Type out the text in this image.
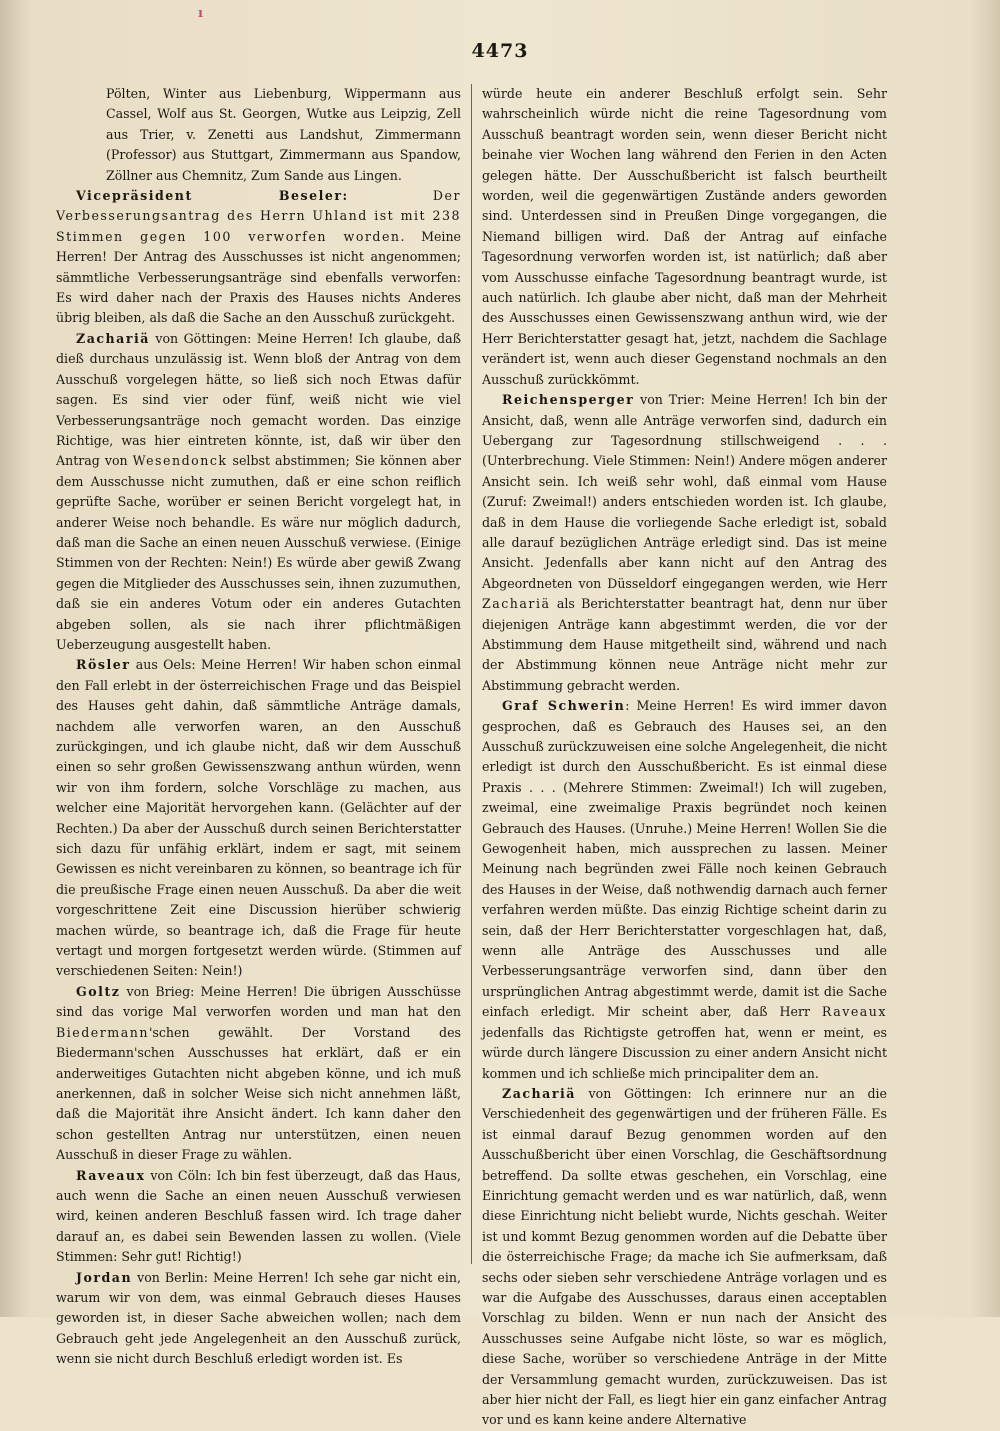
ı
4473

Pölten, Winter aus Liebenburg, Wippermann aus Cassel, Wolf aus St. Georgen, Wutke aus Leipzig, Zell aus Trier, v. Zenetti aus Landshut, Zimmermann (Professor) aus Stuttgart, Zimmermann aus Spandow, Zöllner aus Chemnitz, Zum Sande aus Lingen.

Vicepräsident Beseler:	Der Verbesserungsantrag des Herrn Uhland ist mit 238 Stimmen gegen 100 verworfen worden. Meine Herren! Der Antrag des Ausschusses ist nicht angenommen; sämmtliche Verbesserungsanträge sind ebenfalls verworfen: Es wird daher nach der Praxis des Hauses nichts Anderes übrig bleiben, als daß die Sache an den Ausschuß zurückgeht.

Zachariä von Göttingen: Meine Herren! Ich glaube, daß dieß durchaus unzulässig ist. Wenn bloß der Antrag von dem Ausschuß vorgelegen hätte, so ließ sich noch Etwas dafür sagen. Es sind vier oder fünf, weiß nicht wie viel Verbesserungsanträge noch gemacht worden. Das einzige Richtige, was hier eintreten könnte, ist, daß wir über den Antrag von Wesendonck selbst abstimmen; Sie können aber dem Ausschusse nicht zumuthen, daß er eine schon reiflich geprüfte Sache, worüber er seinen Bericht vorgelegt hat, in anderer Weise noch behandle. Es wäre nur möglich dadurch, daß man die Sache an einen neuen Ausschuß verwiese. (Einige Stimmen von der Rechten: Nein!) Es würde aber gewiß Zwang gegen die Mitglieder des Ausschusses sein, ihnen zuzumuthen, daß sie ein anderes Votum oder ein anderes Gutachten abgeben sollen, als sie nach ihrer pflichtmäßigen Ueberzeugung ausgestellt haben.

Rösler aus Oels: Meine Herren! Wir haben schon einmal den Fall erlebt in der österreichischen Frage und das Beispiel des Hauses geht dahin, daß sämmtliche Anträge damals, nachdem alle verworfen waren, an den Ausschuß zurückgingen, und ich glaube nicht, daß wir dem Ausschuß einen so sehr großen Gewissenszwang anthun würden, wenn wir von ihm fordern, solche Vorschläge zu machen, aus welcher eine Majorität hervorgehen kann. (Gelächter auf der Rechten.) Da aber der Ausschuß durch seinen Berichterstatter sich dazu für unfähig erklärt, indem er sagt, mit seinem Gewissen es nicht vereinbaren zu können, so beantrage ich für die preußische Frage einen neuen Ausschuß. Da aber die weit vorgeschrittene Zeit eine Discussion hierüber schwierig machen würde, so beantrage ich, daß die Frage für heute vertagt und morgen fortgesetzt werden würde. (Stimmen auf verschiedenen Seiten: Nein!)

Goltz von Brieg: Meine Herren! Die übrigen Ausschüsse sind das vorige Mal verworfen worden und man hat den Biedermann'schen gewählt. Der Vorstand des Biedermann'schen Ausschusses hat erklärt, daß er ein anderweitiges Gutachten nicht abgeben könne, und ich muß anerkennen, daß in solcher Weise sich nicht annehmen läßt, daß die Majorität ihre Ansicht ändert. Ich kann daher den schon gestellten Antrag nur unterstützen, einen neuen Ausschuß in dieser Frage zu wählen.

Raveaux von Cöln: Ich bin fest überzeugt, daß das Haus, auch wenn die Sache an einen neuen Ausschuß verwiesen wird, keinen anderen Beschluß fassen wird. Ich trage daher darauf an, es dabei sein Bewenden lassen zu wollen. (Viele Stimmen: Sehr gut! Richtig!)

Jordan von Berlin: Meine Herren! Ich sehe gar nicht ein, warum wir von dem, was einmal Gebrauch dieses Hauses geworden ist, in dieser Sache abweichen wollen; nach dem Gebrauch geht jede Angelegenheit an den Ausschuß zurück, wenn sie nicht durch Beschluß erledigt worden ist. Es

würde heute ein anderer Beschluß erfolgt sein. Sehr wahrscheinlich würde nicht die reine Tagesordnung vom Ausschuß beantragt worden sein, wenn dieser Bericht nicht beinahe vier Wochen lang während den Ferien in den Acten gelegen hätte. Der Ausschußbericht ist falsch beurtheilt worden, weil die gegenwärtigen Zustände anders geworden sind. Unterdessen sind in Preußen Dinge vorgegangen, die Niemand billigen wird. Daß der Antrag auf einfache Tagesordnung verworfen worden ist, ist natürlich; daß aber vom Ausschusse einfache Tagesordnung beantragt wurde, ist auch natürlich. Ich glaube aber nicht, daß man der Mehrheit des Ausschusses einen Gewissenszwang anthun wird, wie der Herr Berichterstatter gesagt hat, jetzt, nachdem die Sachlage verändert ist, wenn auch dieser Gegenstand nochmals an den Ausschuß zurückkömmt.

Reichensperger von Trier: Meine Herren! Ich bin der Ansicht, daß, wenn alle Anträge verworfen sind, dadurch ein Uebergang zur Tagesordnung stillschweigend . . . (Unterbrechung. Viele Stimmen: Nein!) Andere mögen anderer Ansicht sein. Ich weiß sehr wohl, daß einmal vom Hause (Zuruf: Zweimal!) anders entschieden worden ist. Ich glaube, daß in dem Hause die vorliegende Sache erledigt ist, sobald alle darauf bezüglichen Anträge erledigt sind. Das ist meine Ansicht. Jedenfalls aber kann nicht auf den Antrag des Abgeordneten von Düsseldorf eingegangen werden, wie Herr Zachariä als Berichterstatter beantragt hat, denn nur über diejenigen Anträge kann abgestimmt werden, die vor der Abstimmung dem Hause mitgetheilt sind, während und nach der Abstimmung können neue Anträge nicht mehr zur Abstimmung gebracht werden.

Graf Schwerin: Meine Herren! Es wird immer davon gesprochen, daß es Gebrauch des Hauses sei, an den Ausschuß zurückzuweisen eine solche Angelegenheit, die nicht erledigt ist durch den Ausschußbericht. Es ist einmal diese Praxis . . . (Mehrere Stimmen: Zweimal!) Ich will zugeben, zweimal, eine zweimalige Praxis begründet noch keinen Gebrauch des Hauses. (Unruhe.) Meine Herren! Wollen Sie die Gewogenheit haben, mich aussprechen zu lassen. Meiner Meinung nach begründen zwei Fälle noch keinen Gebrauch des Hauses in der Weise, daß nothwendig darnach auch ferner verfahren werden müßte. Das einzig Richtige scheint darin zu sein, daß der Herr Berichterstatter vorgeschlagen hat, daß, wenn alle Anträge des Ausschusses und alle Verbesserungsanträge verworfen sind, dann über den ursprünglichen Antrag abgestimmt werde, damit ist die Sache einfach erledigt. Mir scheint aber, daß Herr Raveaux jedenfalls das Richtigste getroffen hat, wenn er meint, es würde durch längere Discussion zu einer andern Ansicht nicht kommen und ich schließe mich principaliter dem an.

Zachariä von Göttingen: Ich erinnere nur an die Verschiedenheit des gegenwärtigen und der früheren Fälle. Es ist einmal darauf Bezug genommen worden auf den Ausschußbericht über einen Vorschlag, die Geschäftsordnung betreffend. Da sollte etwas geschehen, ein Vorschlag, eine Einrichtung gemacht werden und es war natürlich, daß, wenn diese Einrichtung nicht beliebt wurde, Nichts geschah. Weiter ist und kommt Bezug genommen worden auf die Debatte über die österreichische Frage; da mache ich Sie aufmerksam, daß sechs oder sieben sehr verschiedene Anträge vorlagen und es war die Aufgabe des Ausschusses, daraus einen acceptablen Vorschlag zu bilden. Wenn er nun nach der Ansicht des Ausschusses seine Aufgabe nicht löste, so war es möglich, diese Sache, worüber so verschiedene Anträge in der Mitte der Versammlung gemacht wurden, zurückzuweisen. Das ist aber hier nicht der Fall, es liegt hier ein ganz einfacher Antrag vor und es kann keine andere Alternative
